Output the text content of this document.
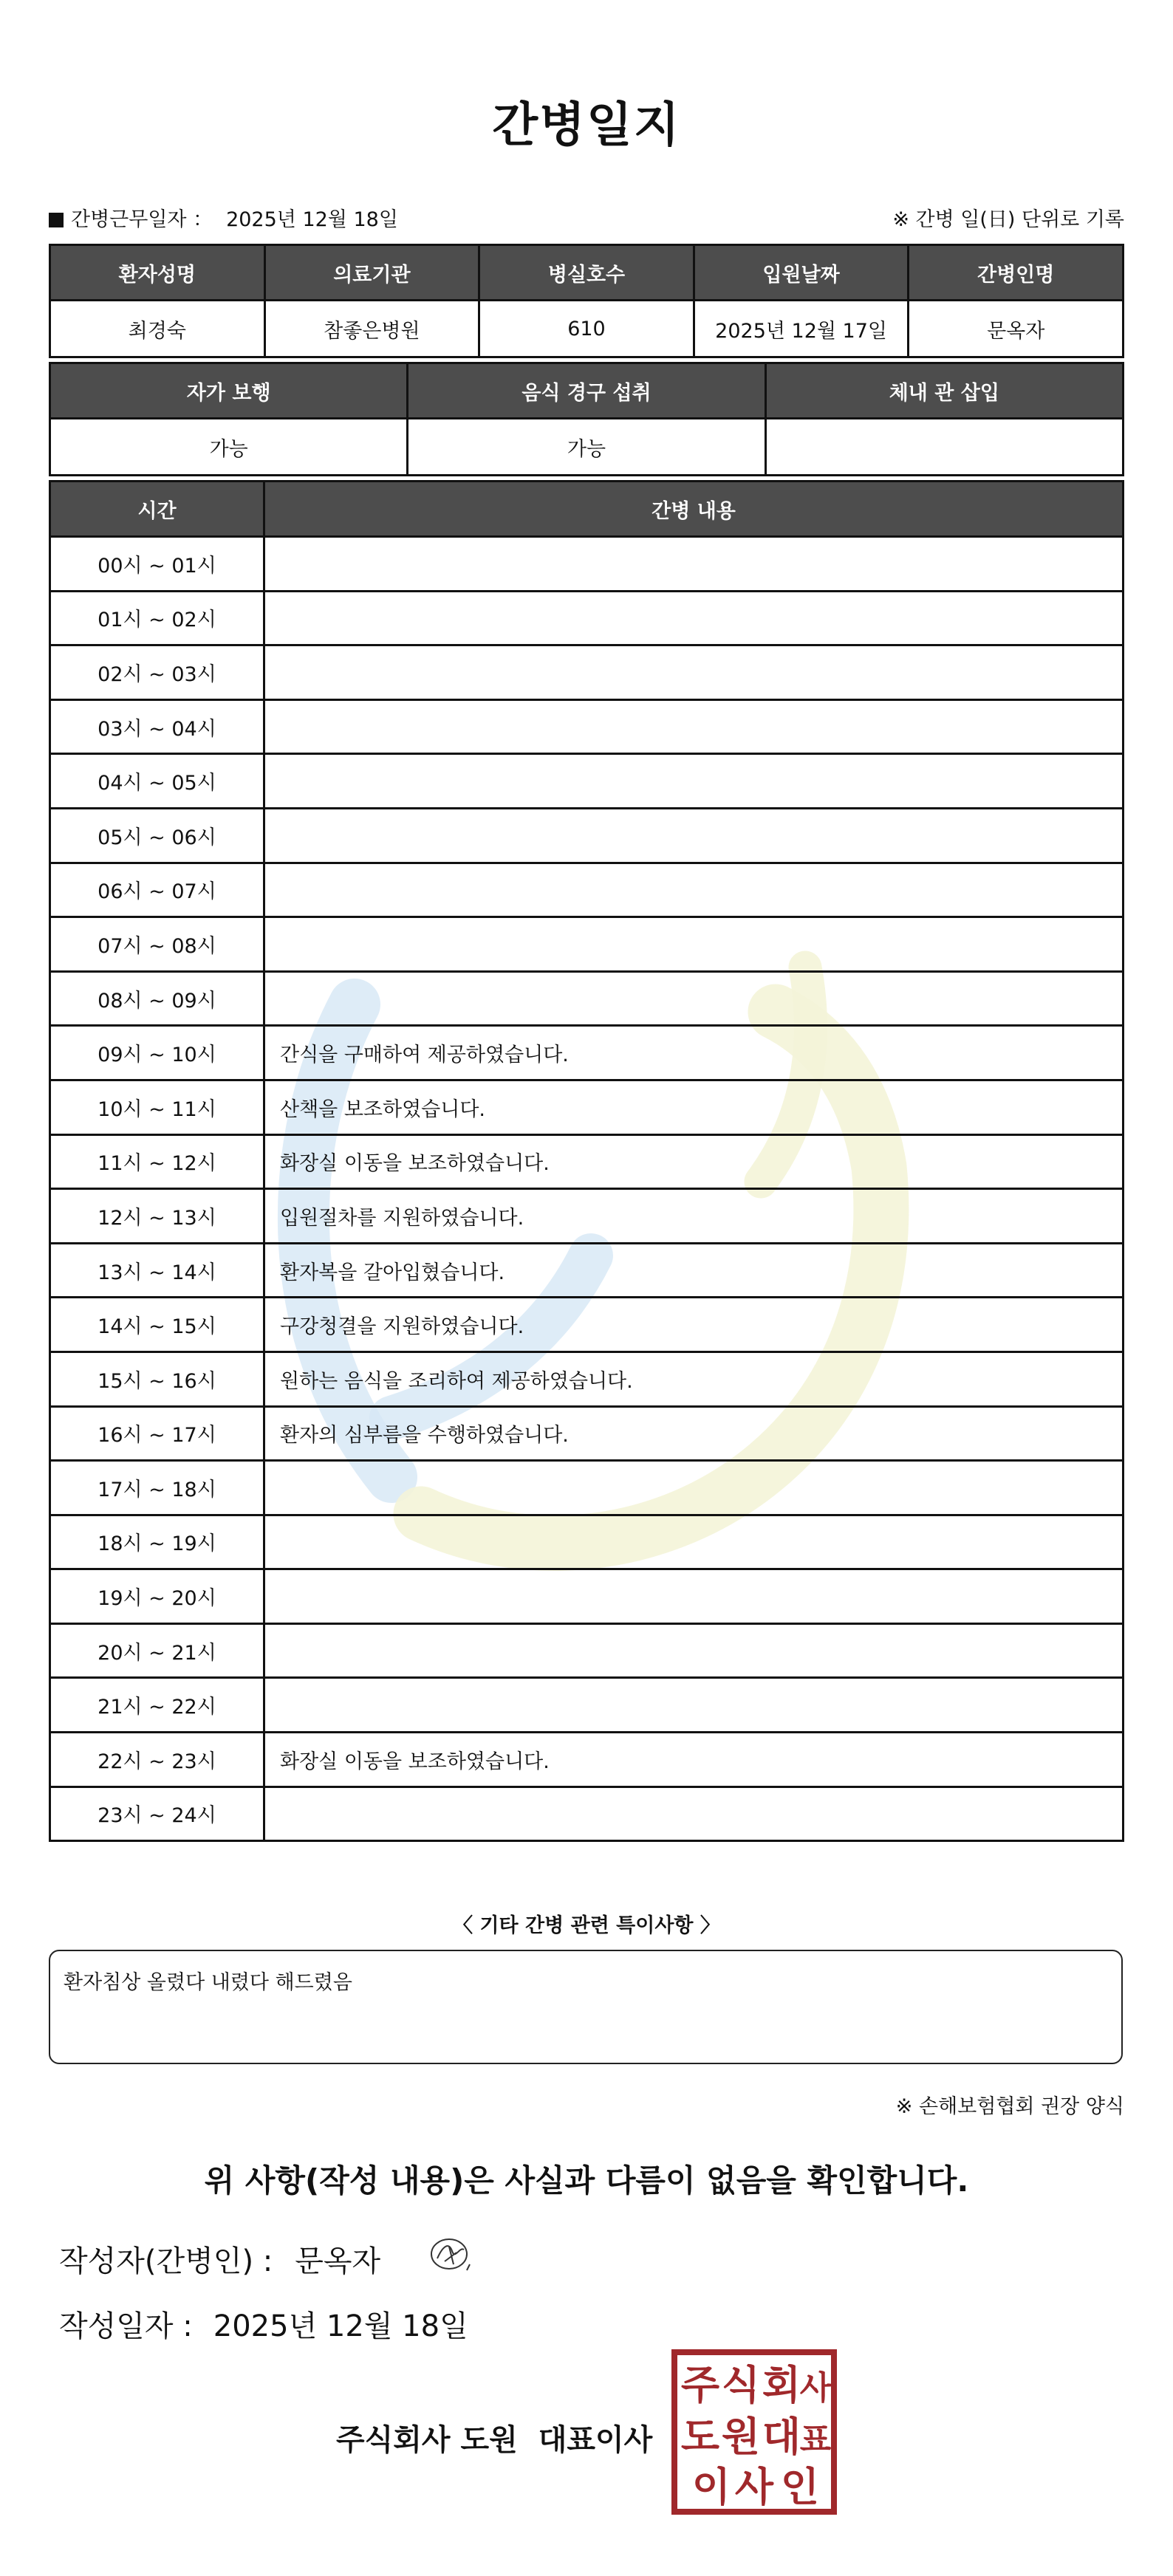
간병일지
간병근무일자 ： 2025년 12월 18일	※ 간병 일(日) 단위로 기록
환자성명	의료기관	병실호수	입원날짜	간병인명
최경숙	참좋은병원	610	2025년 12월 17일	문옥자
자가 보행	음식 경구 섭취	체내 관 삽입
가능	가능	
시간	간병 내용
00시 ~ 01시	
01시 ~ 02시	
02시 ~ 03시	
03시 ~ 04시	
04시 ~ 05시	
05시 ~ 06시	
06시 ~ 07시	
07시 ~ 08시	
08시 ~ 09시	
09시 ~ 10시	간식을 구매하여 제공하였습니다.
10시 ~ 11시	산책을 보조하였습니다.
11시 ~ 12시	화장실 이동을 보조하였습니다.
12시 ~ 13시	입원절차를 지원하였습니다.
13시 ~ 14시	환자복을 갈아입혔습니다.
14시 ~ 15시	구강청결을 지원하였습니다.
15시 ~ 16시	원하는 음식을 조리하여 제공하였습니다.
16시 ~ 17시	환자의 심부름을 수행하였습니다.
17시 ~ 18시	
18시 ~ 19시	
19시 ~ 20시	
20시 ~ 21시	
21시 ~ 22시	
22시 ~ 23시	화장실 이동을 보조하였습니다.
23시 ~ 24시	
〈 기타 간병 관련 특이사항 〉
환자침상 올렸다 내렸다 해드렸음
※ 손해보험협회 권장 양식
위 사항(작성 내용)은 사실과 다름이 없음을 확인합니다.
작성자(간병인) : 문옥자
작성일자 : 2025년 12월 18일
주식회사 도원 대표이사
주 식 회
사
도 원 대
표
이 사 인
